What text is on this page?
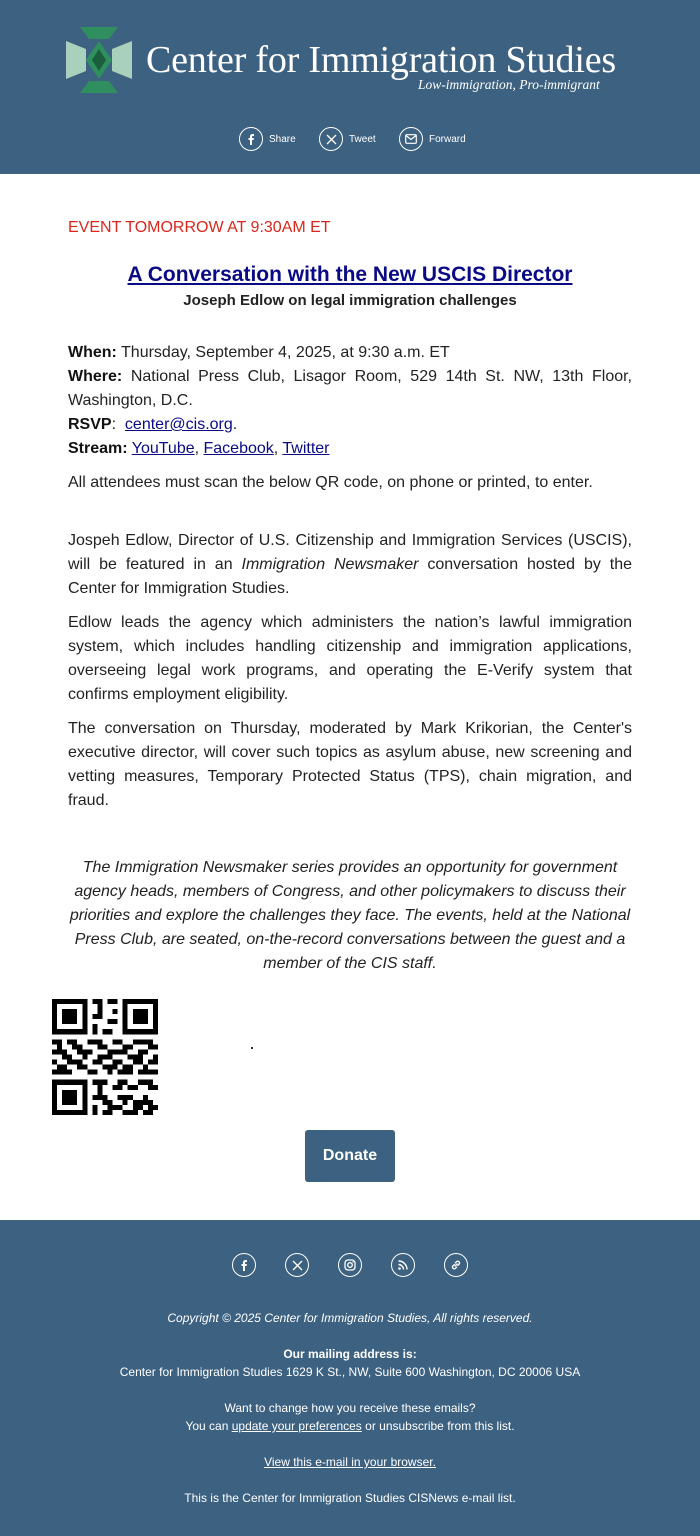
Center for Immigration Studies
Low-immigration, Pro-immigrant
Share	Tweet	Forward
EVENT TOMORROW AT 9:30AM ET
A Conversation with the New USCIS Director
Joseph Edlow on legal immigration challenges
When: Thursday, September 4, 2025, at 9:30 a.m. ET
Where: National Press Club, Lisagor Room, 529 14th St. NW, 13th Floor, Washington, D.C.
RSVP:  center@cis.org.
Stream: YouTube, Facebook, Twitter
All attendees must scan the below QR code, on phone or printed, to enter.
Jospeh Edlow, Director of U.S. Citizenship and Immigration Services (USCIS), will be featured in an Immigration Newsmaker conversation hosted by the Center for Immigration Studies.
Edlow leads the agency which administers the nation’s lawful immigration system, which includes handling citizenship and immigration applications, overseeing legal work programs, and operating the E-Verify system that confirms employment eligibility.
The conversation on Thursday, moderated by Mark Krikorian, the Center's executive director, will cover such topics as asylum abuse, new screening and vetting measures, Temporary Protected Status (TPS), chain migration, and fraud.
The Immigration Newsmaker series provides an opportunity for government agency heads, members of Congress, and other policymakers to discuss their priorities and explore the challenges they face. The events, held at the National Press Club, are seated, on-the-record conversations between the guest and a member of the CIS staff.
Donate
Copyright © 2025 Center for Immigration Studies, All rights reserved.
Our mailing address is:
Center for Immigration Studies 1629 K St., NW, Suite 600 Washington, DC 20006 USA
Want to change how you receive these emails?
You can update your preferences or unsubscribe from this list.
View this e-mail in your browser.
This is the Center for Immigration Studies CISNews e-mail list.
